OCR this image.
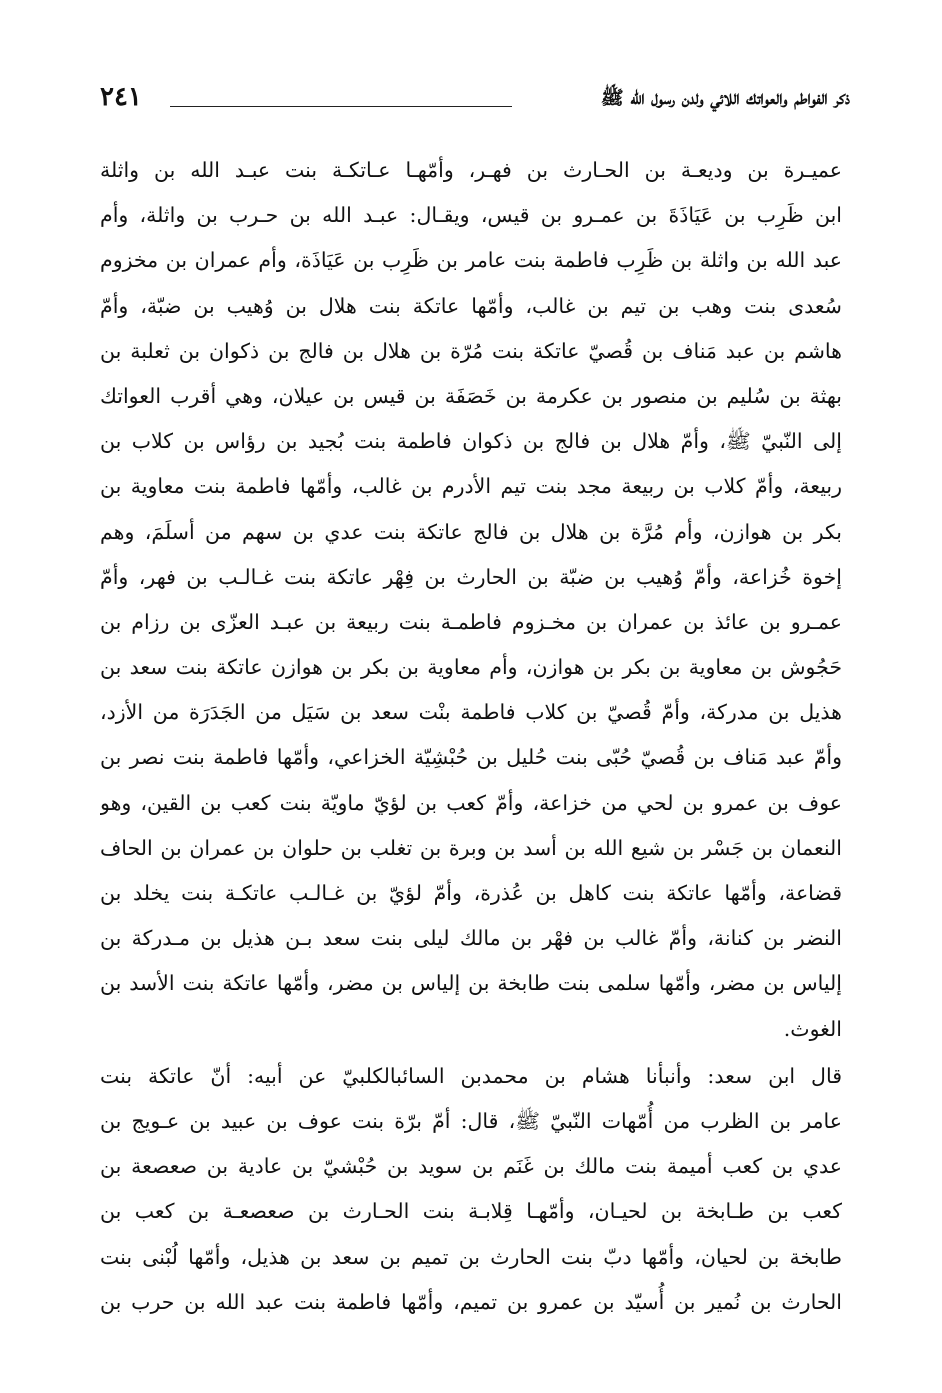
ذكر الفواطم والعواتك اللائي ولدن رسول الله ﷺ
٢٤١
عميـرة بن وديعـة بن الحـارث بن فهـر، وأمّهـا عـاتكـة بنت عبـد الله بن واثلة
ابن ظَرِب بن عَيَاذَةَ بن عمـرو بن قيس، ويقـال: عبـد الله بن حـرب بن واثلة، وأم
عبد الله بن واثلة بن ظَرِب فاطمة بنت عامر بن ظَرِب بن عَيَاذَة، وأم عمران بن مخزوم
سُعدى بنت وهب بن تيم بن غالب، وأمّها عاتكة بنت هلال بن وُهيب بن ضبّة، وأمّ
هاشم بن عبد مَناف بن قُصيّ عاتكة بنت مُرّة بن هلال بن فالج بن ذكوان بن ثعلبة بن
بهثة بن سُليم بن منصور بن عكرمة بن خَصَفَة بن قيس بن عيلان، وهي أقرب العواتك
إلى النّبيّ ﷺ، وأمّ هلال بن فالج بن ذكوان فاطمة بنت بُجيد بن رؤاس بن كلاب بن
ربيعة، وأمّ كلاب بن ربيعة مجد بنت تيم الأدرم بن غالب، وأمّها فاطمة بنت معاوية بن
بكر بن هوازن، وأم مُرَّة بن هلال بن فالج عاتكة بنت عدي بن سهم من أسلَمَ، وهم
إخوة خُزاعة، وأمّ وُهيب بن ضبّة بن الحارث بن فِهْر عاتكة بنت غـالـب بن فهر، وأمّ
عمـرو بن عائذ بن عمران بن مخـزوم فاطمـة بنت ربيعة بن عبـد العزّى بن رزام بن
حَجُوش بن معاوية بن بكر بن هوازن، وأم معاوية بن بكر بن هوازن عاتكة بنت سعد بن
هذيل بن مدركة، وأمّ قُصيّ بن كلاب فاطمة بنْت سعد بن سَيَل من الجَدَرَة من الأزد،
وأمّ عبد مَناف بن قُصيّ حُبّى بنت حُليل بن حُبْشِيّة الخزاعي، وأمّها فاطمة بنت نصر بن
عوف بن عمرو بن لحي من خزاعة، وأمّ كعب بن لؤيّ ماويّة بنت كعب بن القين، وهو
النعمان بن جَسْر بن شيع الله بن أسد بن وبرة بن تغلب بن حلوان بن عمران بن الحاف
قضاعة، وأمّها عاتكة بنت كاهل بن عُذرة، وأمّ لؤيّ بن غـالـب عاتكـة بنت يخلد بن
النضر بن كنانة، وأمّ غالب بن فهْر بن مالك ليلى بنت سعد بـن هذيل بن مـدركة بن
إلياس بن مضر، وأمّها سلمى بنت طابخة بن إلياس بن مضر، وأمّها عاتكة بنت الأسد بن
الغوث.
قال ابن سعد: وأنبأنا هشام بن محمدبن السائبالكلبيّ عن أبيه: أنّ عاتكة بنت
عامر بن الظرب من أُمّهات النّبيّ ﷺ، قال: أمّ برّة بنت عوف بن عبيد بن عـويج بن
عدي بن كعب أميمة بنت مالك بن غَنَم بن سويد بن حُبْشيّ بن عادية بن صعصعة بن
كعب بن طـابخة بن لحيـان، وأمّهـا قِلابـة بنت الحـارث بن صعصعـة بن كعب بن
طابخة بن لحيان، وأمّها دبّ بنت الحارث بن تميم بن سعد بن هذيل، وأمّها لُبْنى بنت
الحارث بن نُمير بن أُسيّد بن عمرو بن تميم، وأمّها فاطمة بنت عبد الله بن حرب بن
